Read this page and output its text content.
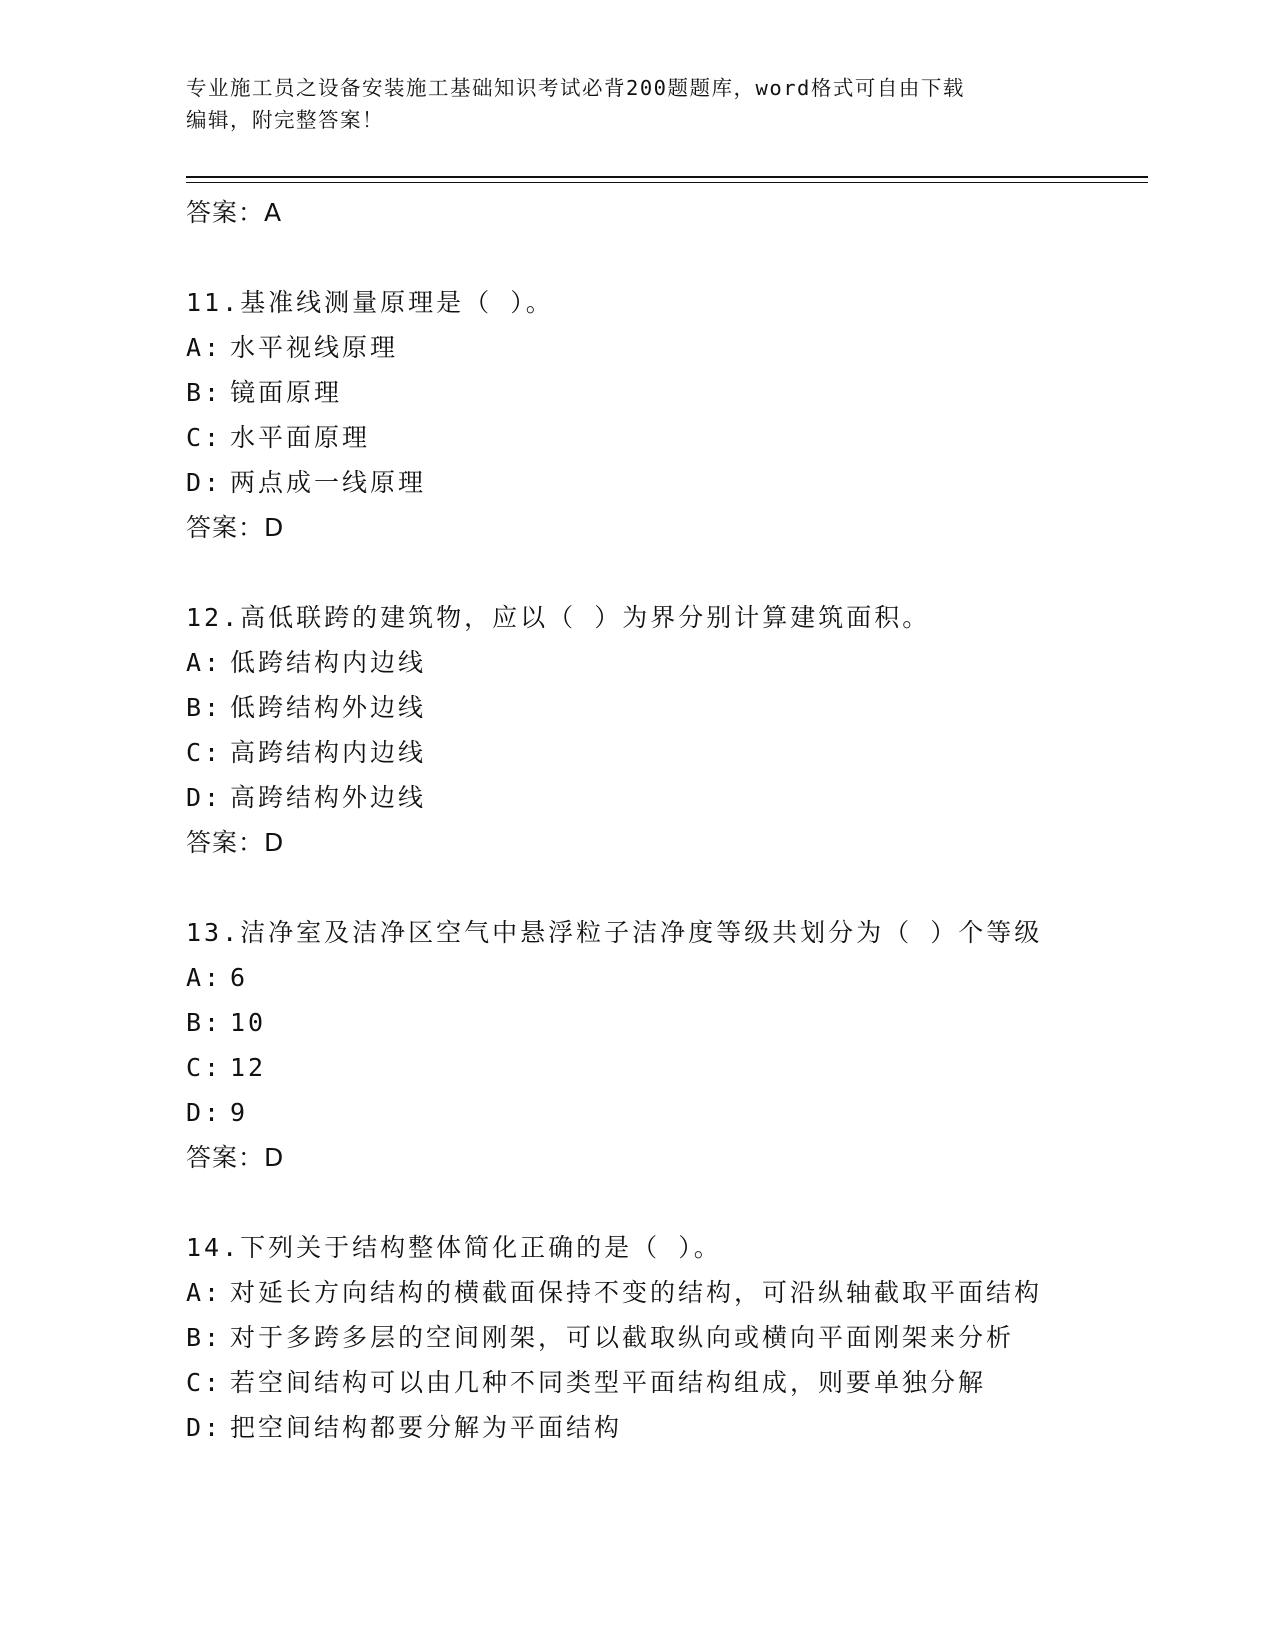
专业施工员之设备安装施工基础知识考试必背200题题库，word格式可自由下载
编辑，附完整答案！
答案：A
11.基准线测量原理是（ ）。
A: 水平视线原理
B: 镜面原理
C: 水平面原理
D: 两点成一线原理
答案：D
12.高低联跨的建筑物，应以（ ）为界分别计算建筑面积。
A: 低跨结构内边线
B: 低跨结构外边线
C: 高跨结构内边线
D: 高跨结构外边线
答案：D
13.洁净室及洁净区空气中悬浮粒子洁净度等级共划分为（ ）个等级
A: 6
B: 10
C: 12
D: 9
答案：D
14.下列关于结构整体简化正确的是（ ）。
A: 对延长方向结构的横截面保持不变的结构，可沿纵轴截取平面结构
B: 对于多跨多层的空间刚架，可以截取纵向或横向平面刚架来分析
C: 若空间结构可以由几种不同类型平面结构组成，则要单独分解
D: 把空间结构都要分解为平面结构
